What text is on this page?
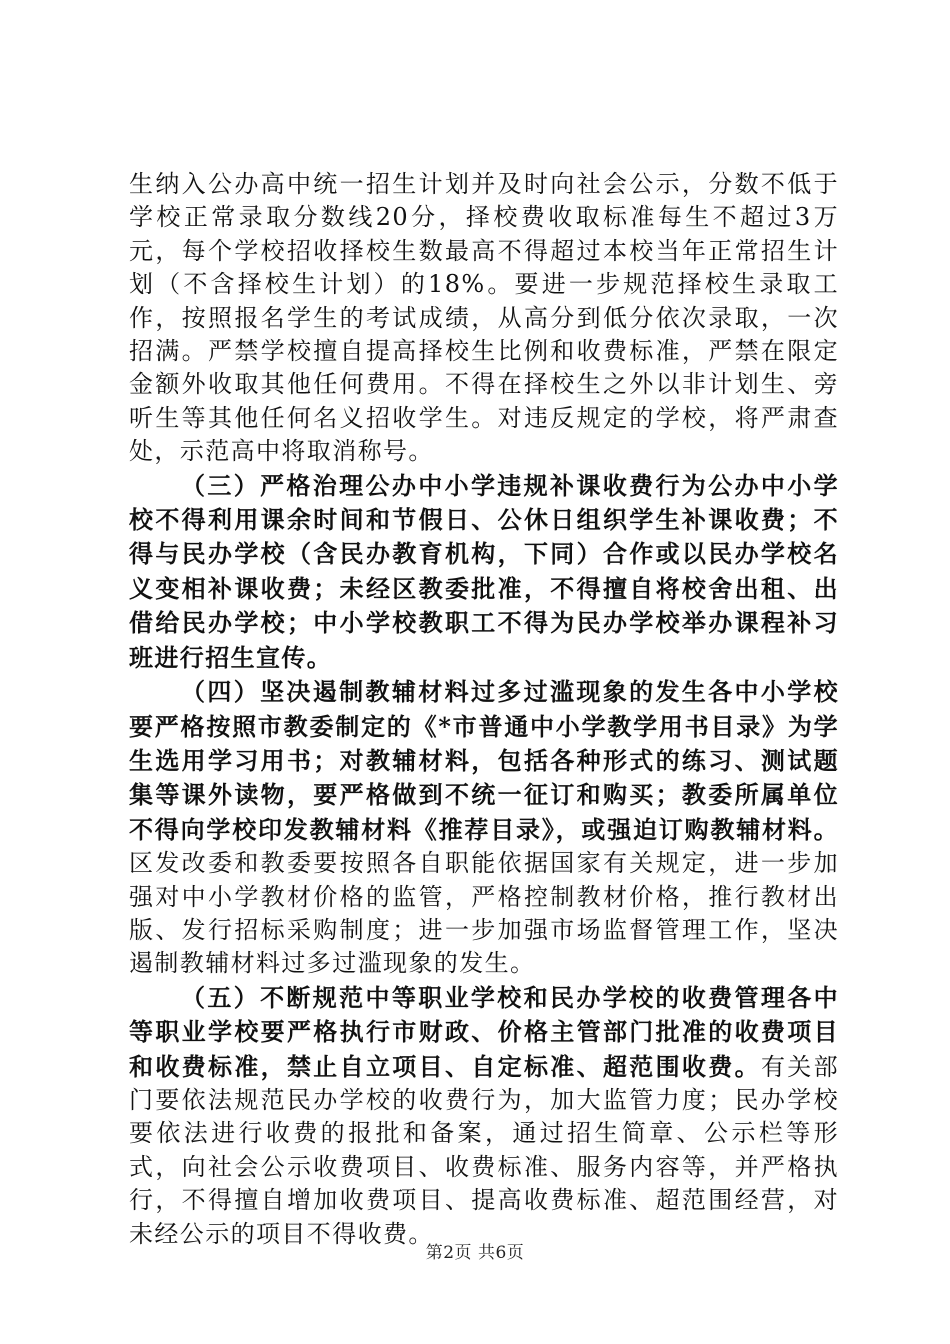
生纳入公办高中统一招生计划并及时向社会公示，分数不低于学校正常录取分数线20分，择校费收取标准每生不超过3万元，每个学校招收择校生数最高不得超过本校当年正常招生计划（不含择校生计划）的18%。要进一步规范择校生录取工作，按照报名学生的考试成绩，从高分到低分依次录取，一次招满。严禁学校擅自提高择校生比例和收费标准，严禁在限定金额外收取其他任何费用。不得在择校生之外以非计划生、旁听生等其他任何名义招收学生。对违反规定的学校，将严肃查处，示范高中将取消称号。

（三）严格治理公办中小学违规补课收费行为公办中小学校不得利用课余时间和节假日、公休日组织学生补课收费；不得与民办学校（含民办教育机构，下同）合作或以民办学校名义变相补课收费；未经区教委批准，不得擅自将校舍出租、出借给民办学校；中小学校教职工不得为民办学校举办课程补习班进行招生宣传。

（四）坚决遏制教辅材料过多过滥现象的发生各中小学校要严格按照市教委制定的《*市普通中小学教学用书目录》为学生选用学习用书；对教辅材料，包括各种形式的练习、测试题集等课外读物，要严格做到不统一征订和购买；教委所属单位不得向学校印发教辅材料《推荐目录》，或强迫订购教辅材料。区发改委和教委要按照各自职能依据国家有关规定，进一步加强对中小学教材价格的监管，严格控制教材价格，推行教材出版、发行招标采购制度；进一步加强市场监督管理工作，坚决遏制教辅材料过多过滥现象的发生。

（五）不断规范中等职业学校和民办学校的收费管理各中等职业学校要严格执行市财政、价格主管部门批准的收费项目和收费标准，禁止自立项目、自定标准、超范围收费。有关部门要依法规范民办学校的收费行为，加大监管力度；民办学校要依法进行收费的报批和备案，通过招生简章、公示栏等形式，向社会公示收费项目、收费标准、服务内容等，并严格执行，不得擅自增加收费项目、提高收费标准、超范围经营，对未经公示的项目不得收费。

第2页 共6页
